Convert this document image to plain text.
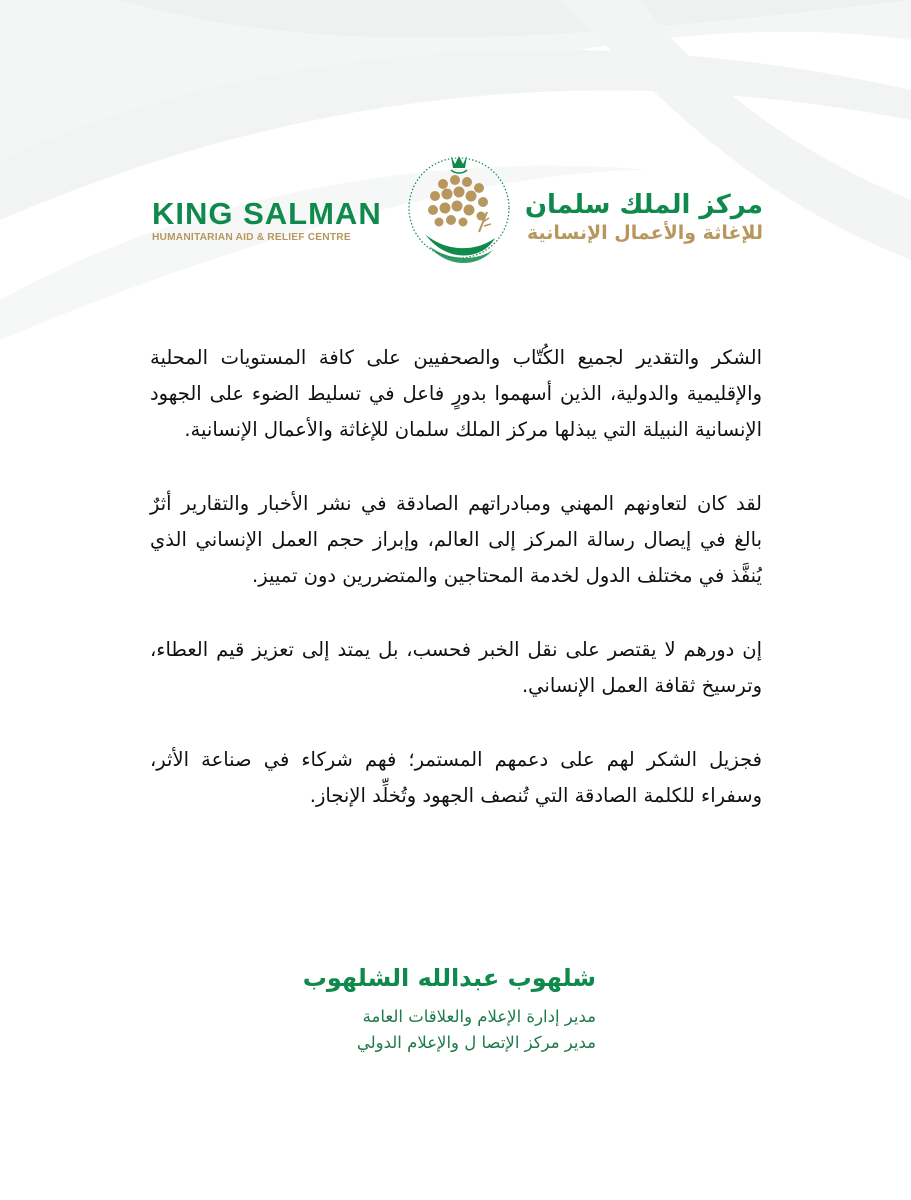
KING SALMAN
HUMANITARIAN AID & RELIEF CENTRE
مركز الملك سلمان
للإغاثة والأعمال الإنسانية

الشكر والتقدير لجميع الكُتّاب والصحفيين على كافة المستويات المحلية والإقليمية والدولية، الذين أسهموا بدورٍ فاعل في تسليط الضوء على الجهود الإنسانية النبيلة التي يبذلها مركز الملك سلمان للإغاثة والأعمال الإنسانية.

لقد كان لتعاونهم المهني ومبادراتهم الصادقة في نشر الأخبار والتقارير أثرٌ بالغ في إيصال رسالة المركز إلى العالم، وإبراز حجم العمل الإنساني الذي يُنفَّذ في مختلف الدول لخدمة المحتاجين والمتضررين دون تمييز.

إن دورهم لا يقتصر على نقل الخبر فحسب، بل يمتد إلى تعزيز قيم العطاء، وترسيخ ثقافة العمل الإنساني.

فجزيل الشكر لهم على دعمهم المستمر؛ فهم شركاء في صناعة الأثر، وسفراء للكلمة الصادقة التي تُنصف الجهود وتُخلِّد الإنجاز.

شلهوب عبدالله الشلهوب
مدير إدارة الإعلام والعلاقات العامة
مدير مركز الإتصا ل والإعلام الدولي
